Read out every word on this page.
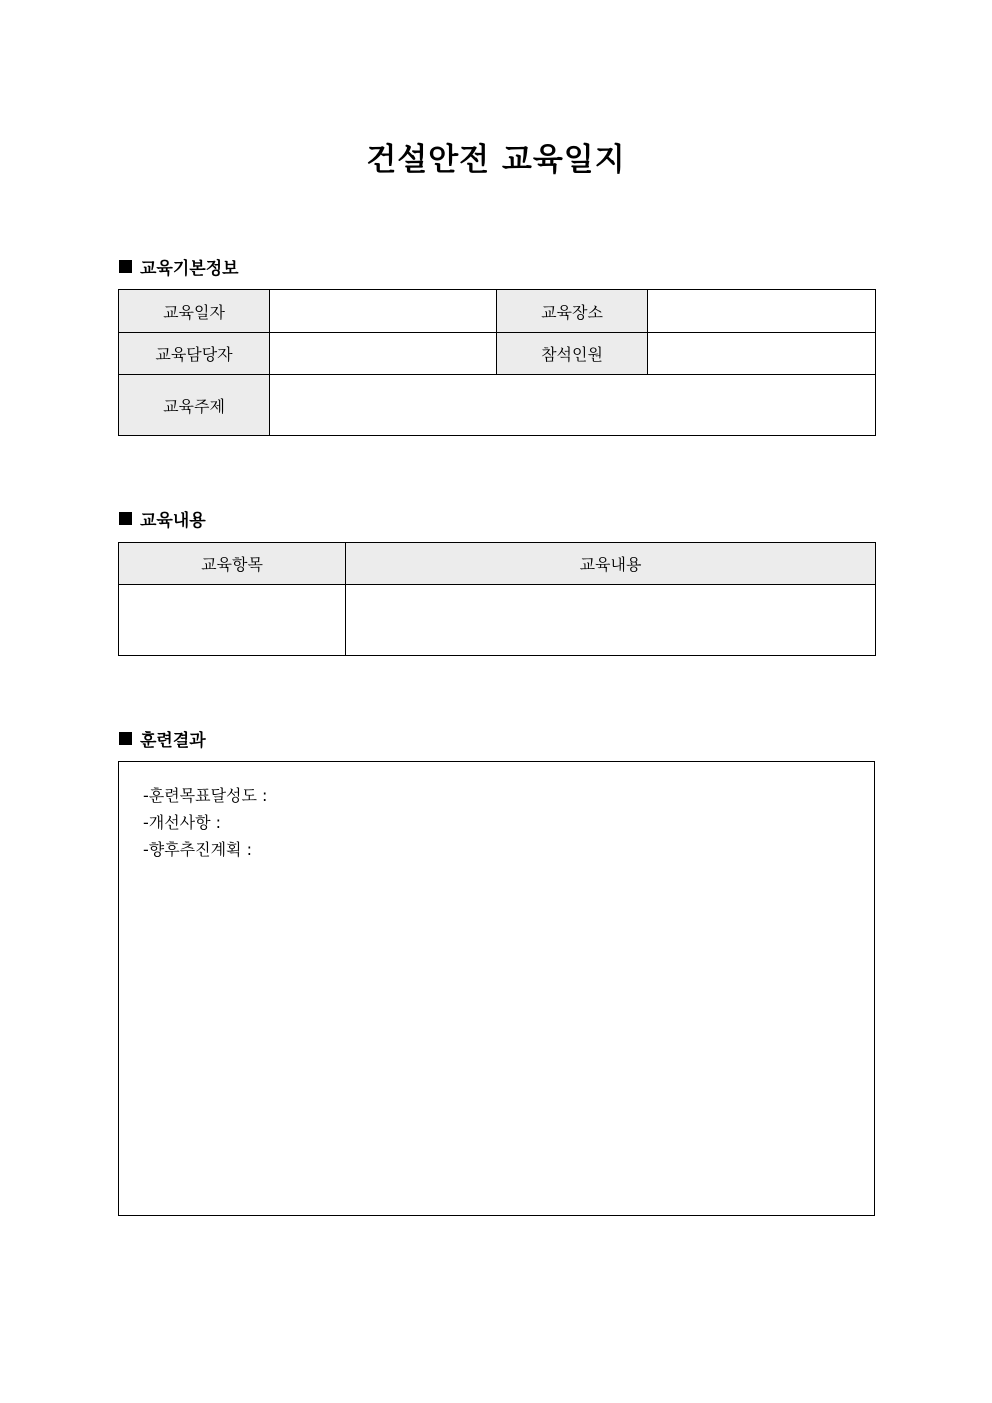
건설안전 교육일지
교육기본정보
교육일자		교육장소	
교육담당자		참석인원	
교육주제			
교육내용
교육항목	교육내용

훈련결과
-훈련목표달성도 :
-개선사항 :
-향후추진계획 :
